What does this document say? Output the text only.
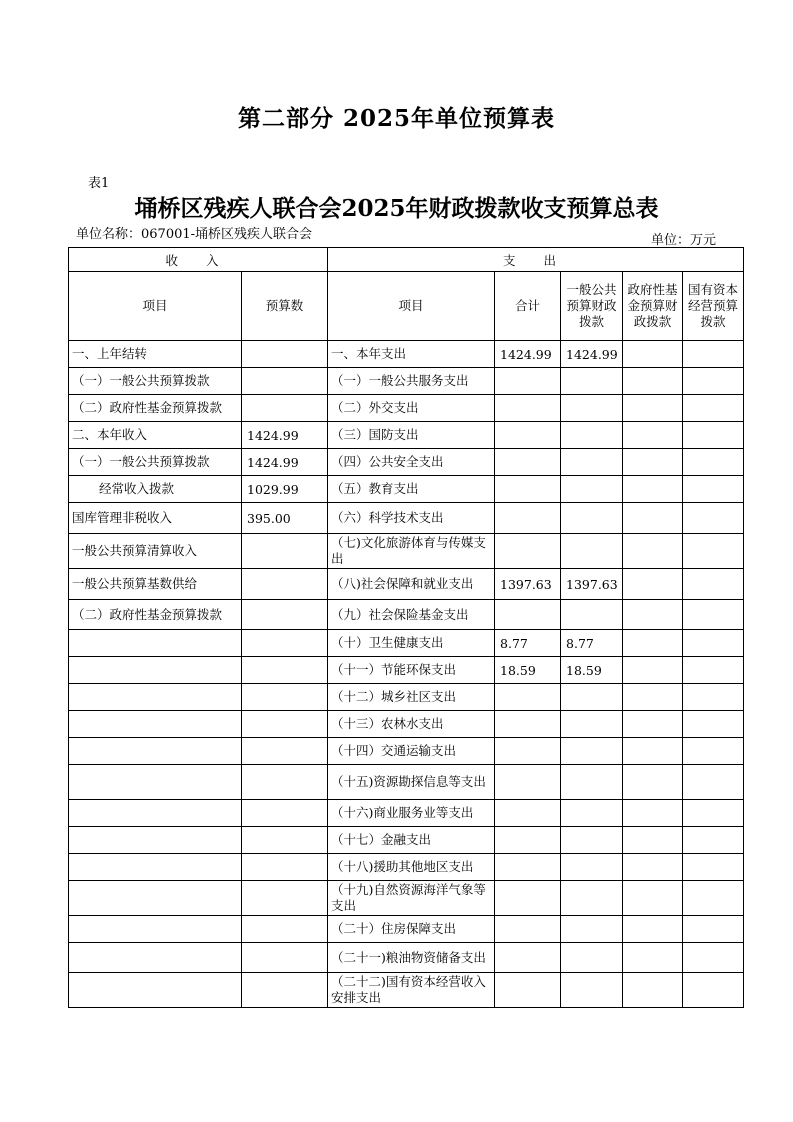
第二部分 2025年单位预算表
表1
埇桥区残疾人联合会2025年财政拨款收支预算总表
单位名称：067001-埇桥区残疾人联合会	单位：万元
收 入		支 出				
项目	预算数	项目	合计	一般公共预算财政拨款	政府性基金预算财政拨款	国有资本经营预算拨款
一、上年结转		一、本年支出	1424.99	1424.99		
（一）一般公共预算拨款		（一）一般公共服务支出				
（二）政府性基金预算拨款		（二）外交支出				
二、本年收入	1424.99	（三）国防支出				
（一）一般公共预算拨款	1424.99	（四）公共安全支出				
经常收入拨款	1029.99	（五）教育支出				
国库管理非税收入	395.00	（六）科学技术支出				
一般公共预算清算收入		（七)文化旅游体育与传媒支出				
一般公共预算基数供给		（八)社会保障和就业支出	1397.63	1397.63		
（二）政府性基金预算拨款		（九）社会保险基金支出				
		（十）卫生健康支出	8.77	8.77		
		（十一）节能环保支出	18.59	18.59		
		（十二）城乡社区支出				
		（十三）农林水支出				
		（十四）交通运输支出				
		（十五)资源勘探信息等支出				
		（十六)商业服务业等支出				
		（十七）金融支出				
		（十八)援助其他地区支出				
		（十九)自然资源海洋气象等支出				
		（二十）住房保障支出				
		（二十一)粮油物资储备支出				
		（二十二)国有资本经营收入安排支出				
